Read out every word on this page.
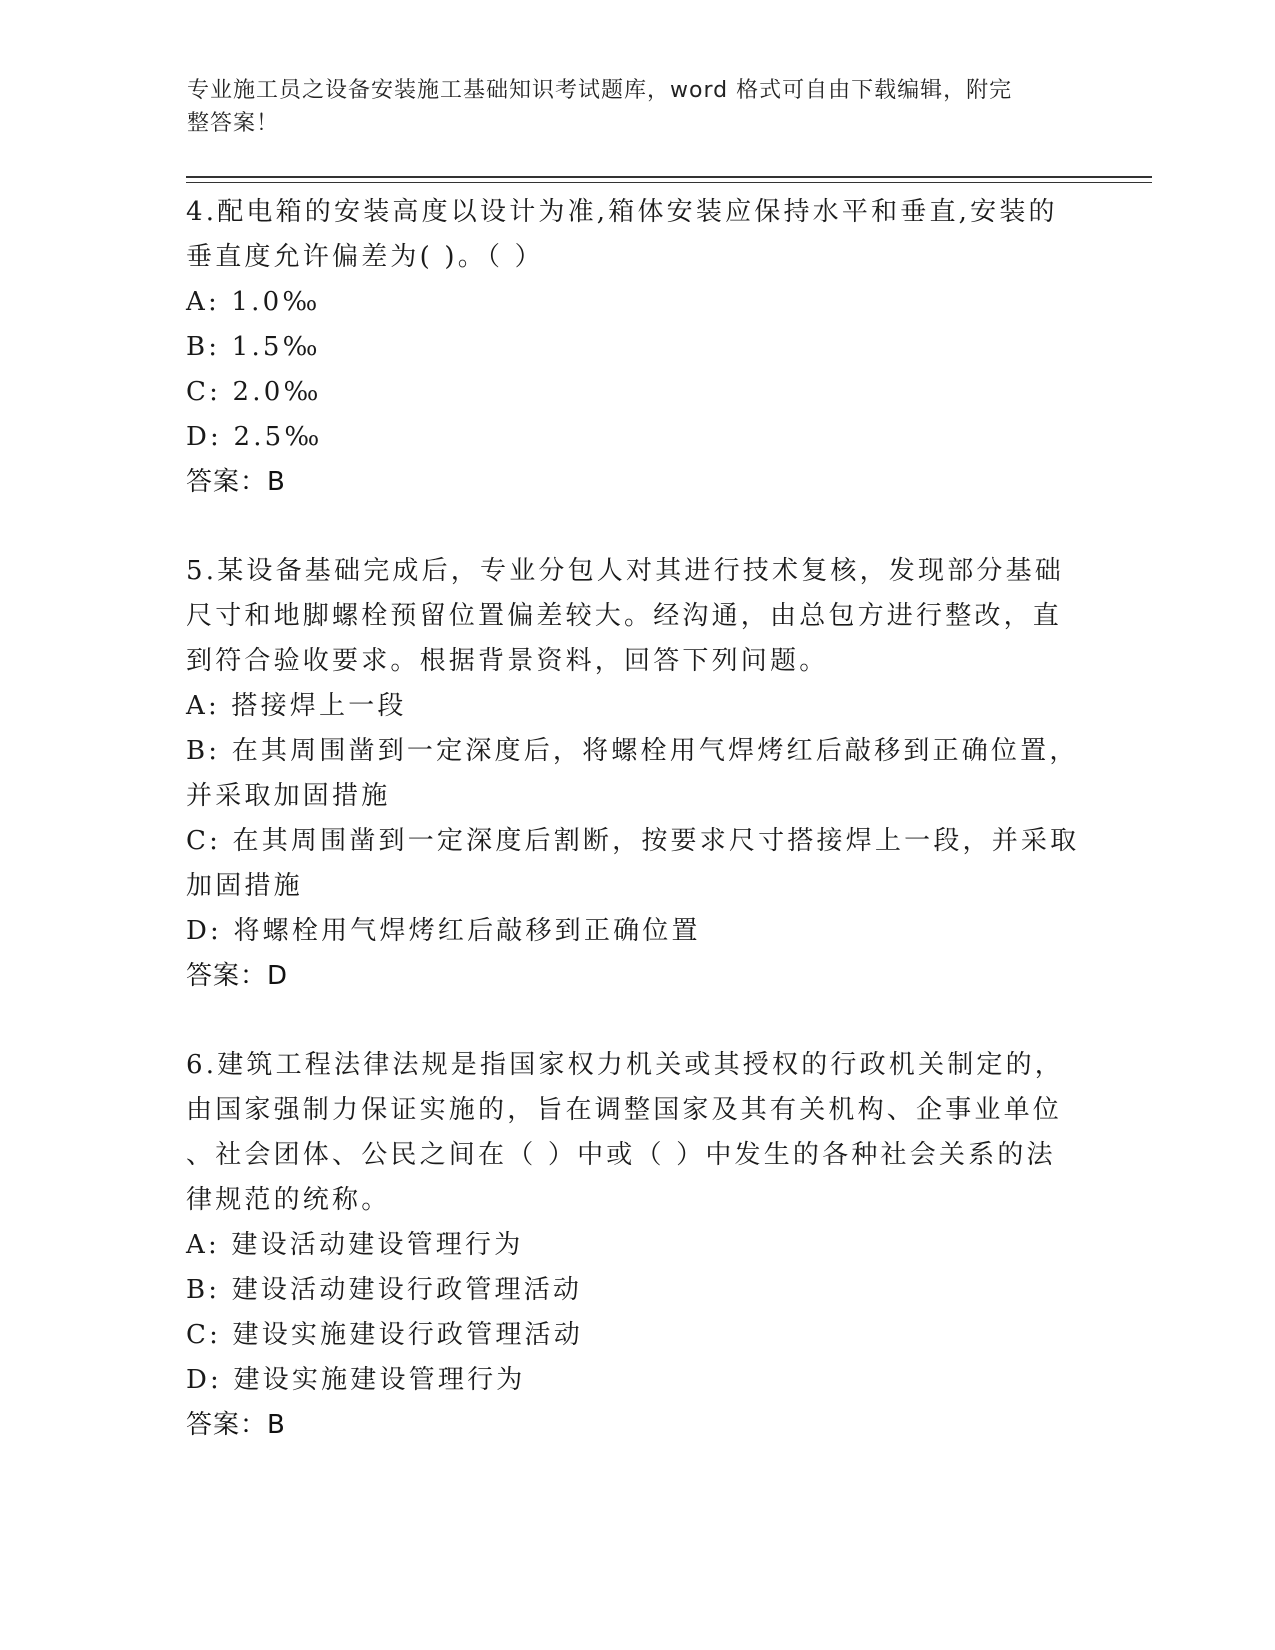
专业施工员之设备安装施工基础知识考试题库，word 格式可自由下载编辑，附完
整答案！
4.配电箱的安装高度以设计为准,箱体安装应保持水平和垂直,安装的
垂直度允许偏差为( )。（ ）
A: 1.0‰
B: 1.5‰
C: 2.0‰
D: 2.5‰
答案：B
5.某设备基础完成后，专业分包人对其进行技术复核，发现部分基础
尺寸和地脚螺栓预留位置偏差较大。经沟通，由总包方进行整改，直
到符合验收要求。根据背景资料，回答下列问题。
A: 搭接焊上一段
B: 在其周围凿到一定深度后，将螺栓用气焊烤红后敲移到正确位置，
并采取加固措施
C: 在其周围凿到一定深度后割断，按要求尺寸搭接焊上一段，并采取
加固措施
D: 将螺栓用气焊烤红后敲移到正确位置
答案：D
6.建筑工程法律法规是指国家权力机关或其授权的行政机关制定的，
由国家强制力保证实施的，旨在调整国家及其有关机构、企事业单位
、社会团体、公民之间在（ ）中或（ ）中发生的各种社会关系的法
律规范的统称。
A: 建设活动建设管理行为
B: 建设活动建设行政管理活动
C: 建设实施建设行政管理活动
D: 建设实施建设管理行为
答案：B
